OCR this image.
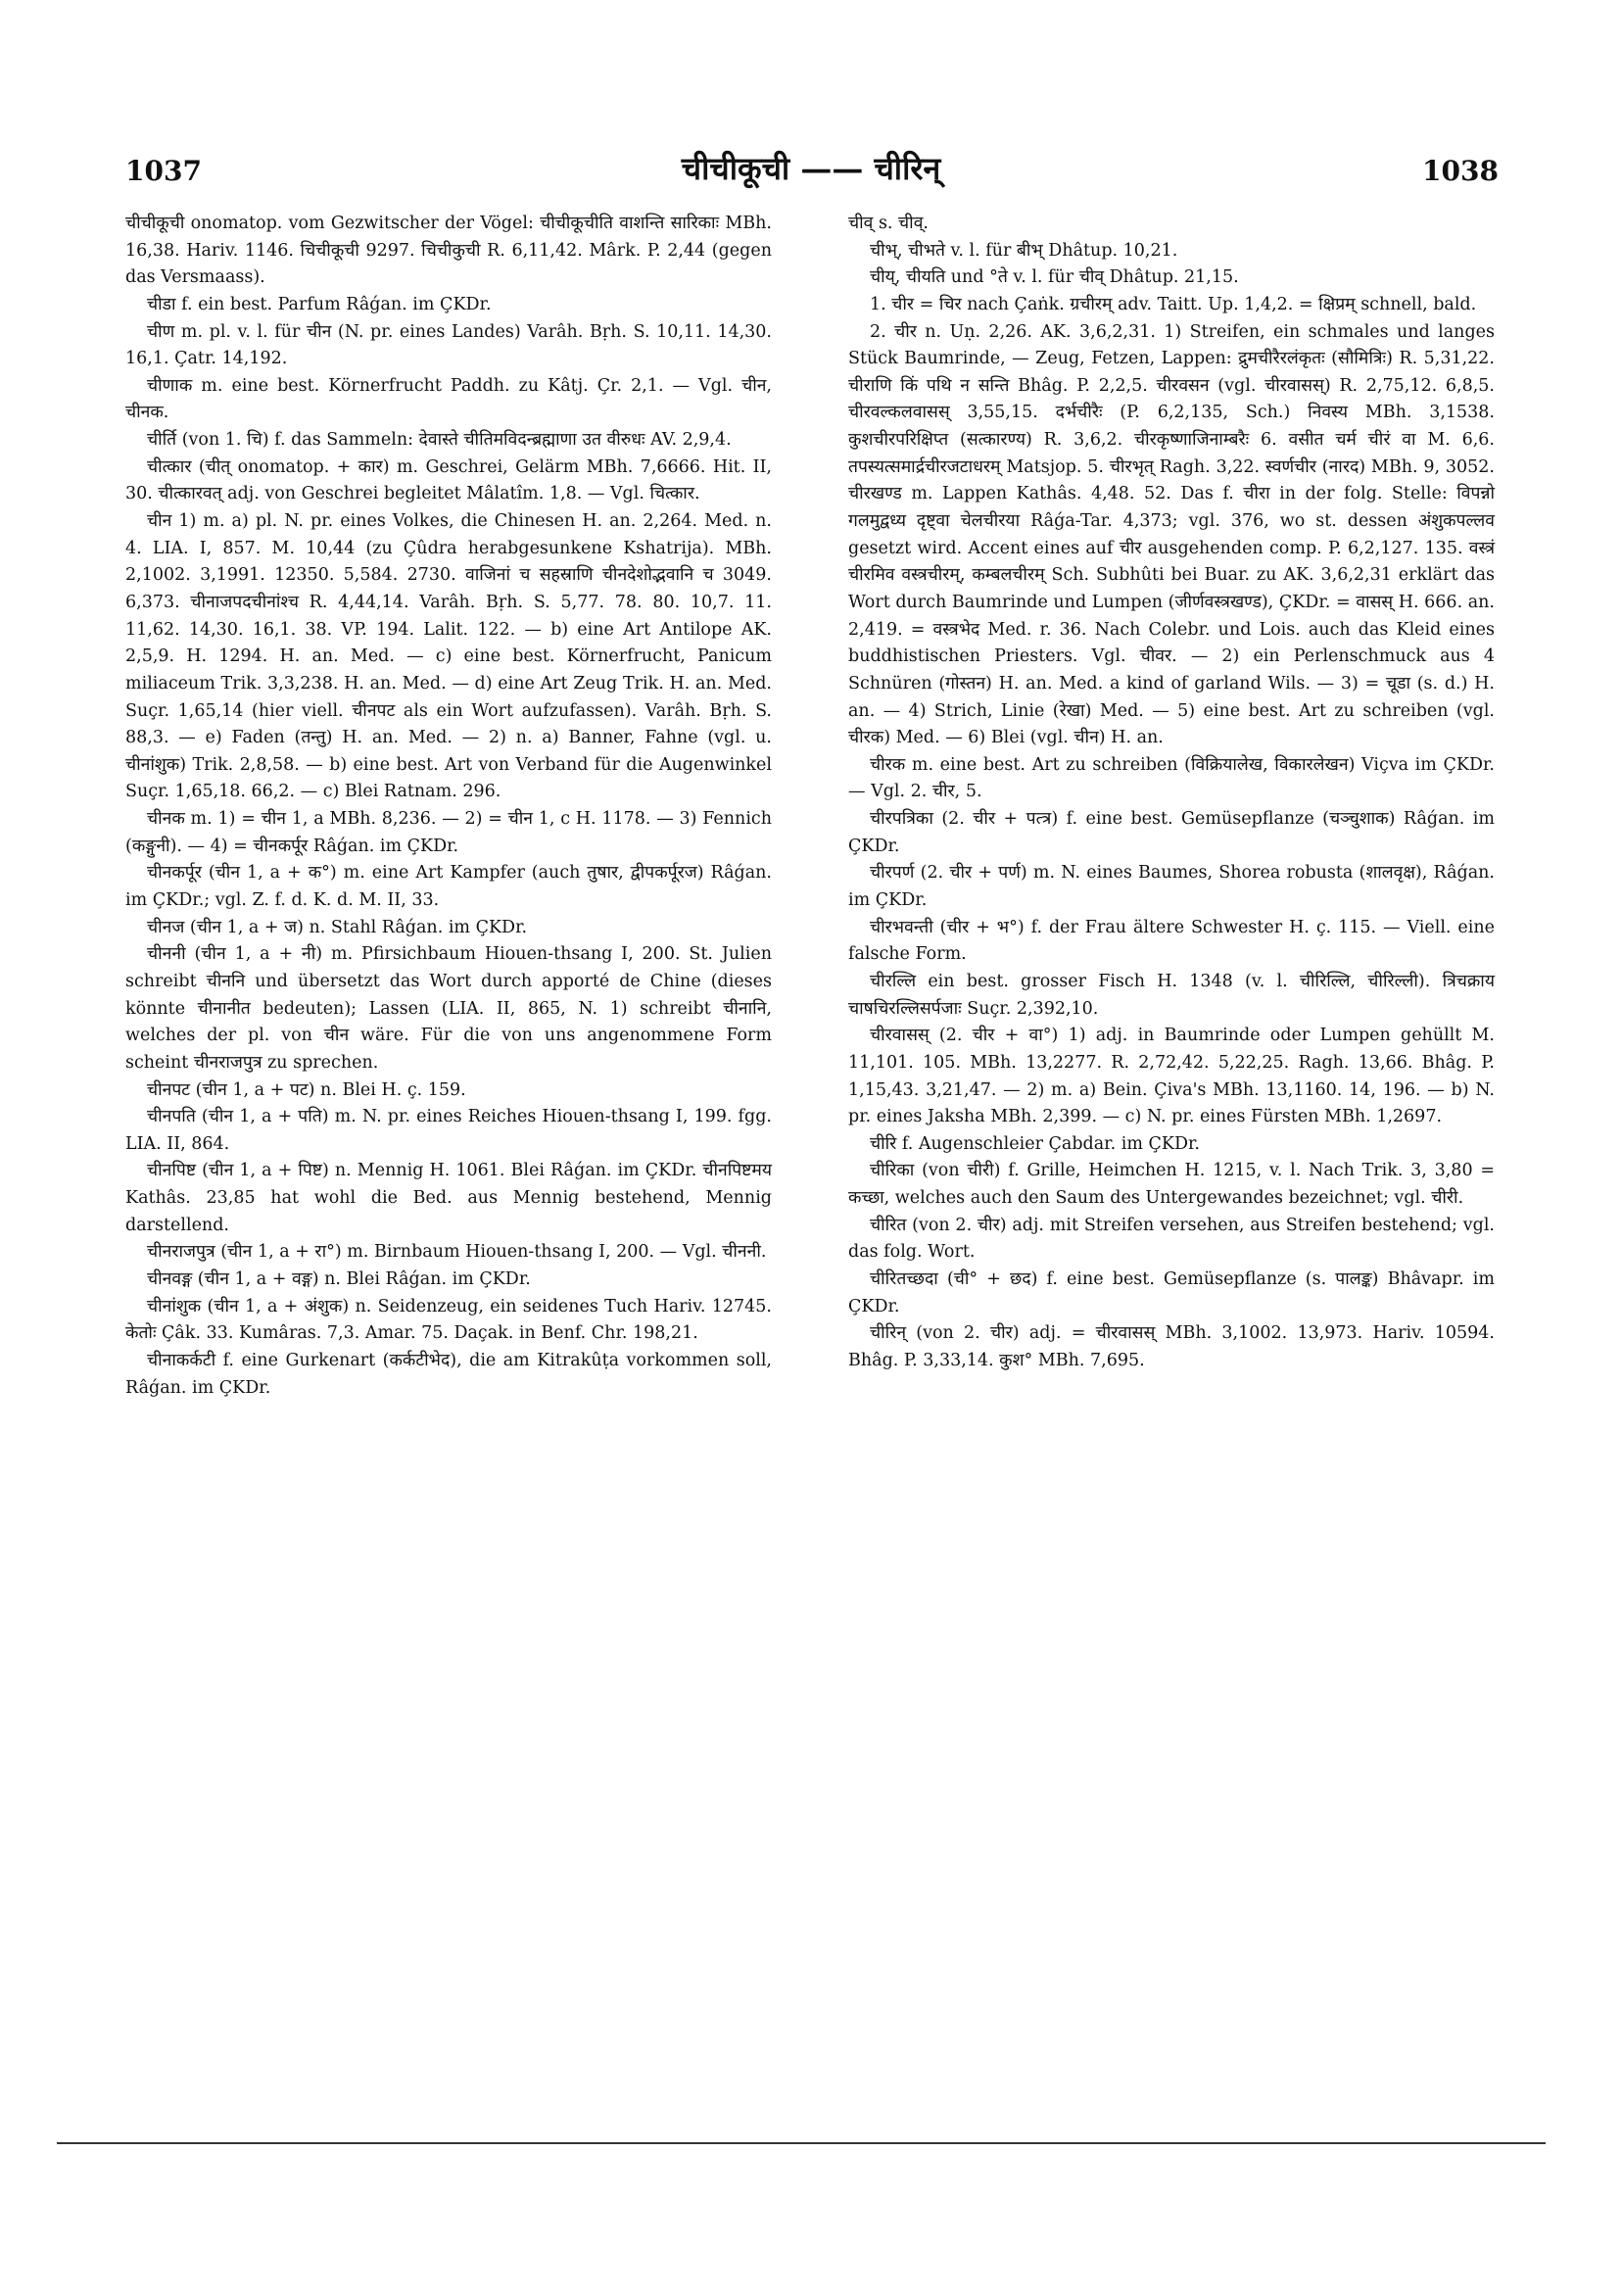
1037	चीचीकूची —— चीरिन्	1038

चीचीकूची onomatop. vom Gezwitscher der Vögel: चीचीकूचीति वाशन्ति सारिकाः MBh. 16,38. Hariv. 1146. चिचीकूची 9297. चिचीकुची R. 6,11,42. Mârk. P. 2,44 (gegen das Versmaass).

चीडा f. ein best. Parfum Râǵan. im ÇKDr.

चीण m. pl. v. l. für चीन (N. pr. eines Landes) Varâh. Bṛh. S. 10,11. 14,30. 16,1. Çatr. 14,192.

चीणाक m. eine best. Körnerfrucht Paddh. zu Kâtj. Çr. 2,1. — Vgl. चीन, चीनक.

चीर्ति (von 1. चि) f. das Sammeln: देवास्ते चीतिमविदन्ब्रह्माणा उत वीरुधः AV. 2,9,4.

चीत्कार (चीत् onomatop. + कार) m. Geschrei, Gelärm MBh. 7,6666. Hit. II, 30. चीत्कारवत् adj. von Geschrei begleitet Mâlatîm. 1,8. — Vgl. चित्कार.

चीन 1) m. a) pl. N. pr. eines Volkes, die Chinesen H. an. 2,264. Med. n. 4. LIA. I, 857. M. 10,44 (zu Çûdra herabgesunkene Kshatrija). MBh. 2,1002. 3,1991. 12350. 5,584. 2730. वाजिनां च सहस्राणि चीनदेशोद्भवानि च 3049. 6,373. चीनाजपदचीनांश्च R. 4,44,14. Varâh. Bṛh. S. 5,77. 78. 80. 10,7. 11. 11,62. 14,30. 16,1. 38. VP. 194. Lalit. 122. — b) eine Art Antilope AK. 2,5,9. H. 1294. H. an. Med. — c) eine best. Körnerfrucht, Panicum miliaceum Trik. 3,3,238. H. an. Med. — d) eine Art Zeug Trik. H. an. Med. Suçr. 1,65,14 (hier viell. चीनपट als ein Wort aufzufassen). Varâh. Bṛh. S. 88,3. — e) Faden (तन्तु) H. an. Med. — 2) n. a) Banner, Fahne (vgl. u. चीनांशुक) Trik. 2,8,58. — b) eine best. Art von Verband für die Augenwinkel Suçr. 1,65,18. 66,2. — c) Blei Ratnam. 296.

चीनक m. 1) = चीन 1, a MBh. 8,236. — 2) = चीन 1, c H. 1178. — 3) Fennich (कङ्गुनी). — 4) = चीनकर्पूर Râǵan. im ÇKDr.

चीनकर्पूर (चीन 1, a + क°) m. eine Art Kampfer (auch तुषार, द्वीपकर्पूरज) Râǵan. im ÇKDr.; vgl. Z. f. d. K. d. M. II, 33.

चीनज (चीन 1, a + ज) n. Stahl Râǵan. im ÇKDr.

चीननी (चीन 1, a + नी) m. Pfirsichbaum Hiouen-thsang I, 200. St. Julien schreibt चीननि und übersetzt das Wort durch apporté de Chine (dieses könnte चीनानीत bedeuten); Lassen (LIA. II, 865, N. 1) schreibt चीनानि, welches der pl. von चीन wäre. Für die von uns angenommene Form scheint चीनराजपुत्र zu sprechen.

चीनपट (चीन 1, a + पट) n. Blei H. ç. 159.

चीनपति (चीन 1, a + पति) m. N. pr. eines Reiches Hiouen-thsang I, 199. fgg. LIA. II, 864.

चीनपिष्ट (चीन 1, a + पिष्ट) n. Mennig H. 1061. Blei Râǵan. im ÇKDr. चीनपिष्टमय Kathâs. 23,85 hat wohl die Bed. aus Mennig bestehend, Mennig darstellend.

चीनराजपुत्र (चीन 1, a + रा°) m. Birnbaum Hiouen-thsang I, 200. — Vgl. चीननी.

चीनवङ्ग (चीन 1, a + वङ्ग) n. Blei Râǵan. im ÇKDr.

चीनांशुक (चीन 1, a + अंशुक) n. Seidenzeug, ein seidenes Tuch Hariv. 12745. केतोः Çâk. 33. Kumâras. 7,3. Amar. 75. Daçak. in Benf. Chr. 198,21.

चीनाकर्कटी f. eine Gurkenart (कर्कटीभेद), die am Kitrakûṭa vorkommen soll, Râǵan. im ÇKDr.

चीव् s. चीव्.

चीभ्, चीभते v. l. für बीभ् Dhâtup. 10,21.

चीय्, चीयति und °ते v. l. für चीव् Dhâtup. 21,15.

1. चीर = चिर nach Çaṅk. ग्रचीरम् adv. Taitt. Up. 1,4,2. = क्षिप्रम् schnell, bald.

2. चीर n. Uṇ. 2,26. AK. 3,6,2,31. 1) Streifen, ein schmales und langes Stück Baumrinde, — Zeug, Fetzen, Lappen: द्रुमचीरैरलंकृतः (सौमित्रिः) R. 5,31,22. चीराणि किं पथि न सन्ति Bhâg. P. 2,2,5. चीरवसन (vgl. चीरवासस्) R. 2,75,12. 6,8,5. चीरवल्कलवासस् 3,55,15. दर्भचीरैः (P. 6,2,135, Sch.) निवस्य MBh. 3,1538. कुशचीरपरिक्षिप्त (सत्कारण्य) R. 3,6,2. चीरकृष्णाजिनाम्बरैः 6. वसीत चर्म चीरं वा M. 6,6. तपस्यत्समार्द्रचीरजटाधरम् Matsjop. 5. चीरभृत् Ragh. 3,22. स्वर्णचीर (नारद) MBh. 9, 3052. चीरखण्ड m. Lappen Kathâs. 4,48. 52. Das f. चीरा in der folg. Stelle: विपन्नो गलमुद्वध्य दृष्ट्वा चेलचीरया Râǵa-Tar. 4,373; vgl. 376, wo st. dessen अंशुकपल्लव gesetzt wird. Accent eines auf चीर ausgehenden comp. P. 6,2,127. 135. वस्त्रं चीरमिव वस्त्रचीरम्, कम्बलचीरम् Sch. Subhûti bei Buar. zu AK. 3,6,2,31 erklärt das Wort durch Baumrinde und Lumpen (जीर्णवस्त्रखण्ड), ÇKDr. = वासस् H. 666. an. 2,419. = वस्त्रभेद Med. r. 36. Nach Colebr. und Lois. auch das Kleid eines buddhistischen Priesters. Vgl. चीवर. — 2) ein Perlenschmuck aus 4 Schnüren (गोस्तन) H. an. Med. a kind of garland Wils. — 3) = चूडा (s. d.) H. an. — 4) Strich, Linie (रेखा) Med. — 5) eine best. Art zu schreiben (vgl. चीरक) Med. — 6) Blei (vgl. चीन) H. an.

चीरक m. eine best. Art zu schreiben (विक्रियालेख, विकारलेखन) Viçva im ÇKDr. — Vgl. 2. चीर, 5.

चीरपत्रिका (2. चीर + पत्त्र) f. eine best. Gemüsepflanze (चञ्चुशाक) Râǵan. im ÇKDr.

चीरपर्ण (2. चीर + पर्ण) m. N. eines Baumes, Shorea robusta (शालवृक्ष), Râǵan. im ÇKDr.

चीरभवन्ती (चीर + भ°) f. der Frau ältere Schwester H. ç. 115. — Viell. eine falsche Form.

चीरल्लि ein best. grosser Fisch H. 1348 (v. l. चीरिल्लि, चीरिल्ली). त्रिचक्राय चाषचिरल्लिसर्पजाः Suçr. 2,392,10.

चीरवासस् (2. चीर + वा°) 1) adj. in Baumrinde oder Lumpen gehüllt M. 11,101. 105. MBh. 13,2277. R. 2,72,42. 5,22,25. Ragh. 13,66. Bhâg. P. 1,15,43. 3,21,47. — 2) m. a) Bein. Çiva's MBh. 13,1160. 14, 196. — b) N. pr. eines Jaksha MBh. 2,399. — c) N. pr. eines Fürsten MBh. 1,2697.

चीरि f. Augenschleier Çabdar. im ÇKDr.

चीरिका (von चीरी) f. Grille, Heimchen H. 1215, v. l. Nach Trik. 3, 3,80 = कच्छा, welches auch den Saum des Untergewandes bezeichnet; vgl. चीरी.

चीरित (von 2. चीर) adj. mit Streifen versehen, aus Streifen bestehend; vgl. das folg. Wort.

चीरितच्छदा (ची° + छद) f. eine best. Gemüsepflanze (s. पालङ्क) Bhâvapr. im ÇKDr.

चीरिन् (von 2. चीर) adj. = चीरवासस् MBh. 3,1002. 13,973. Hariv. 10594. Bhâg. P. 3,33,14. कुश° MBh. 7,695.
